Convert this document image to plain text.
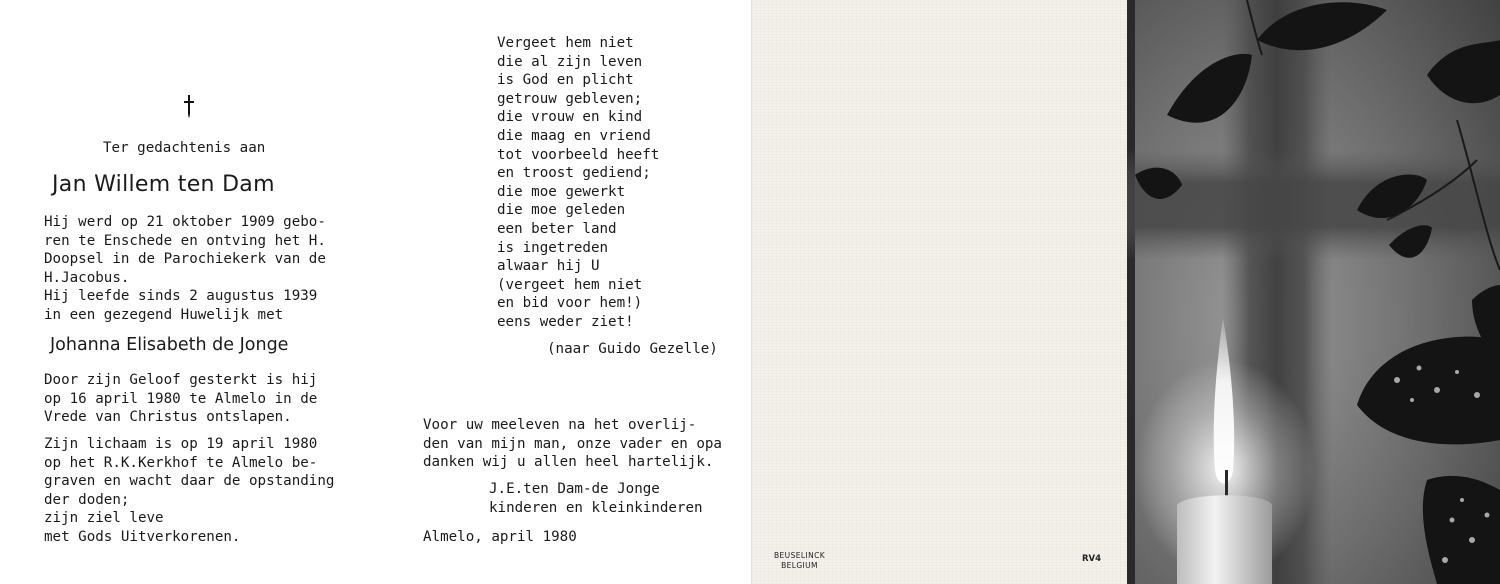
Ter gedachtenis aan
Jan Willem ten Dam
Hij werd op 21 oktober 1909 gebo-
ren te Enschede en ontving het H.
Doopsel in de Parochiekerk van de
H.Jacobus.
Hij leefde sinds 2 augustus 1939
in een gezegend Huwelijk met
Johanna Elisabeth de Jonge
Door zijn Geloof gesterkt is hij
op 16 april 1980 te Almelo in de
Vrede van Christus ontslapen.
Zijn lichaam is op 19 april 1980
op het R.K.Kerkhof te Almelo be-
graven en wacht daar de opstanding
der doden;
zijn ziel leve
met Gods Uitverkorenen.
Vergeet hem niet
die al zijn leven
is God en plicht
getrouw gebleven;
die vrouw en kind
die maag en vriend
tot voorbeeld heeft
en troost gediend;
die moe gewerkt
die moe geleden
een beter land
is ingetreden
alwaar hij U
(vergeet hem niet
en bid voor hem!)
eens weder ziet!
(naar Guido Gezelle)
Voor uw meeleven na het overlij-
den van mijn man, onze vader en opa
danken wij u allen heel hartelijk.
J.E.ten Dam-de Jonge
kinderen en kleinkinderen
Almelo, april 1980
BEUSELINCK
BELGIUM
RV4
